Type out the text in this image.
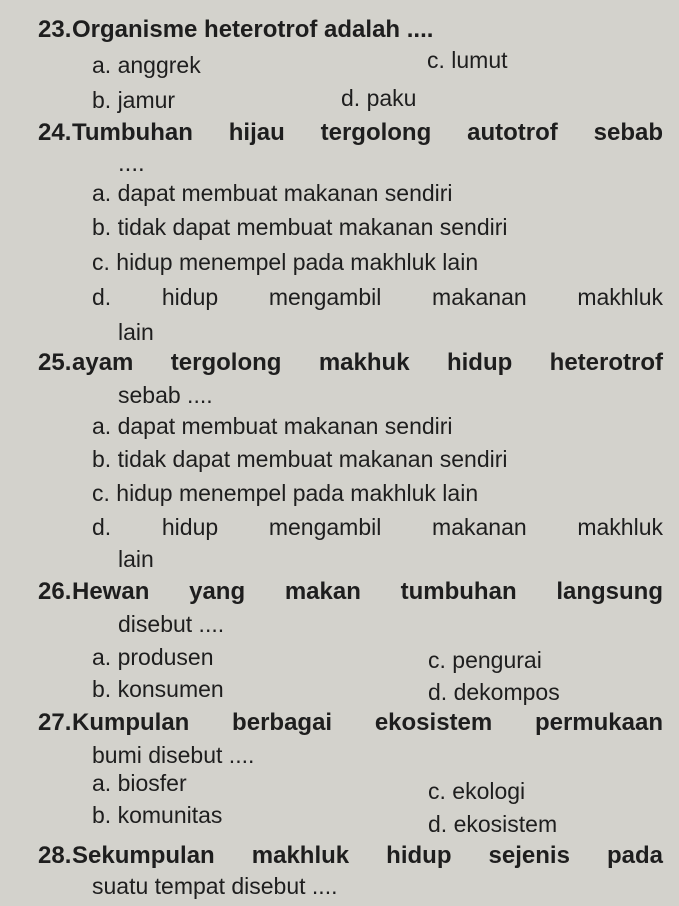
23. Organisme heterotrof adalah ....
a. anggrek	c. lumut
b. jamur	d. paku
24. Tumbuhan hijau tergolong autotrof sebab
....
a. dapat membuat makanan sendiri
b. tidak dapat membuat makanan sendiri
c. hidup menempel pada makhluk lain
d. hidup mengambil makanan makhluk
lain
25. ayam tergolong makhuk hidup heterotrof
sebab ....
a. dapat membuat makanan sendiri
b. tidak dapat membuat makanan sendiri
c. hidup menempel pada makhluk lain
d. hidup mengambil makanan makhluk
lain
26. Hewan yang makan tumbuhan langsung
disebut ....
a. produsen	c. pengurai
b. konsumen	d. dekompos
27. Kumpulan berbagai ekosistem permukaan
bumi disebut ....
a. biosfer	c. ekologi
b. komunitas	d. ekosistem
28. Sekumpulan makhluk hidup sejenis pada
suatu tempat disebut ....
